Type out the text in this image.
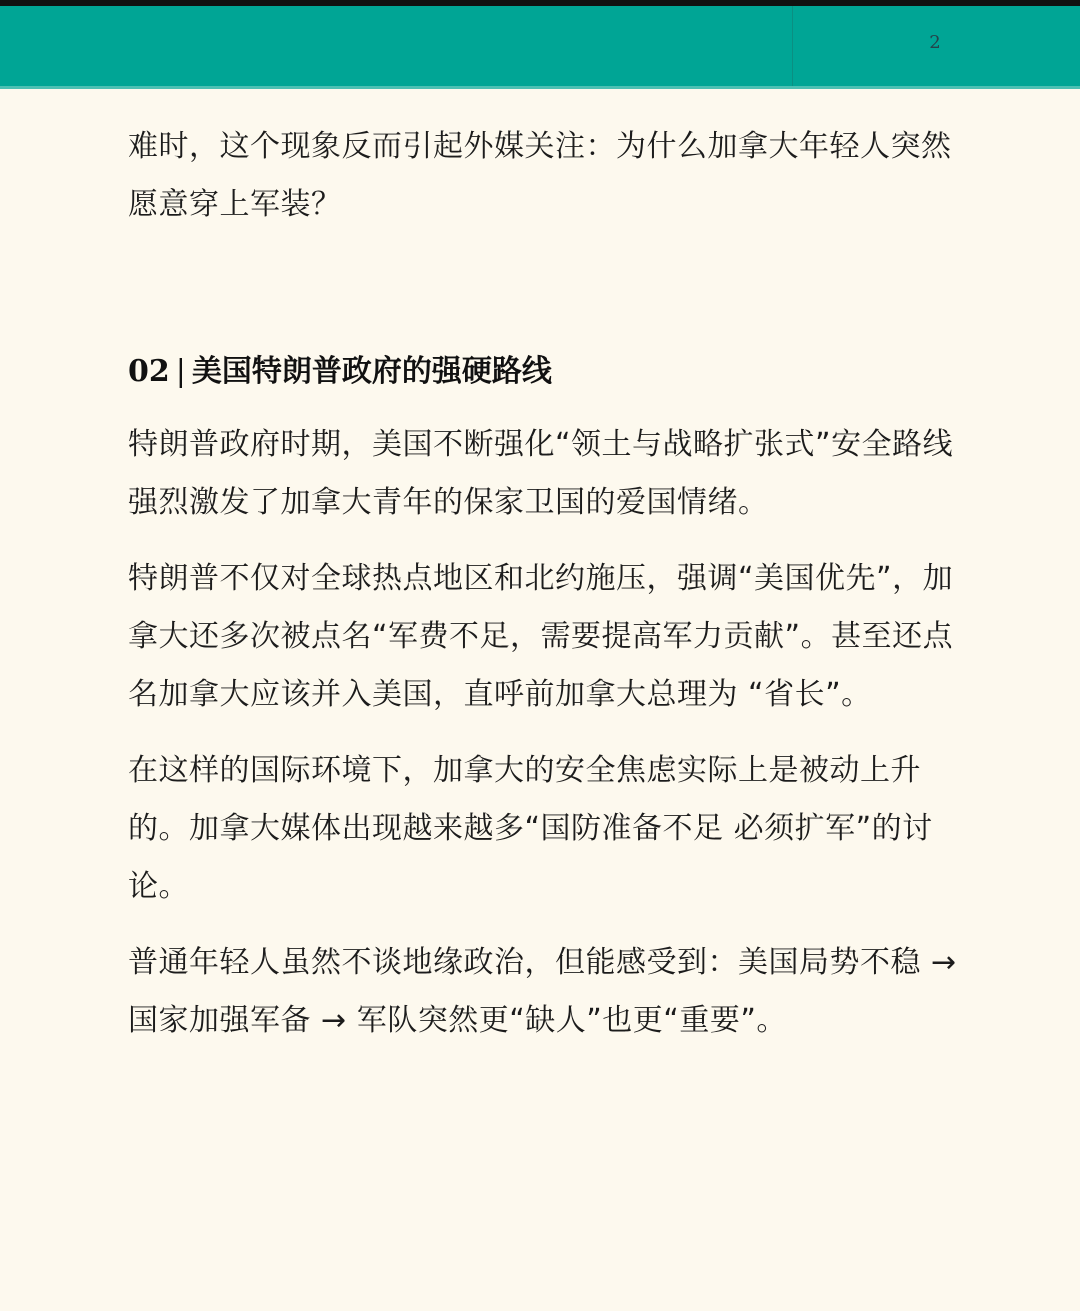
2

难时，这个现象反而引起外媒关注：为什么加拿大年轻人突然愿意穿上军装？

02 | 美国特朗普政府的强硬路线

特朗普政府时期，美国不断强化“领土与战略扩张式”安全路线强烈激发了加拿大青年的保家卫国的爱国情绪。

特朗普不仅对全球热点地区和北约施压，强调“美国优先”，加拿大还多次被点名“军费不足，需要提高军力贡献”。甚至还点名加拿大应该并入美国，直呼前加拿大总理为 “省长”。

在这样的国际环境下，加拿大的安全焦虑实际上是被动上升的。加拿大媒体出现越来越多“国防准备不足 必须扩军”的讨论。

普通年轻人虽然不谈地缘政治，但能感受到：美国局势不稳 → 国家加强军备 → 军队突然更“缺人”也更“重要”。
